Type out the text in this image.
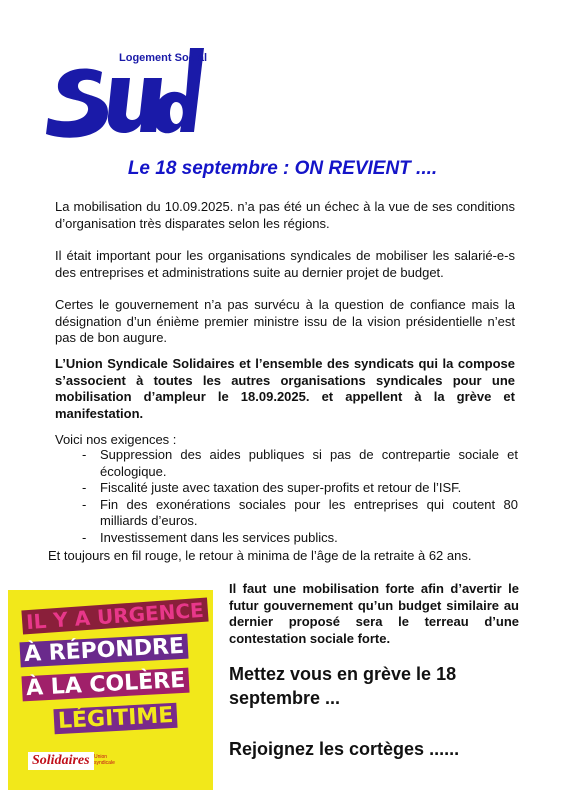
Logement Social
Le 18 septembre : ON REVIENT ....

La mobilisation du 10.09.2025. n’a pas été un échec à la vue de ses conditions d’organisation très disparates selon les régions.

Il était important pour les organisations syndicales de mobiliser les salarié-e-s des entreprises et administrations suite au dernier projet de budget.

Certes le gouvernement n’a pas survécu à la question de confiance mais la désignation d’un énième premier ministre issu de la vision présidentielle n’est pas de bon augure.

L’Union Syndicale Solidaires et l’ensemble des syndicats qui la compose s’associent à toutes les autres organisations syndicales pour une mobilisation d’ampleur le 18.09.2025. et appellent à la grève et manifestation.

Voici nos exigences :

- Suppression des aides publiques si pas de contrepartie sociale et écologique.
- Fiscalité juste avec taxation des super-profits et retour de l’ISF.
- Fin des exonérations sociales pour les entreprises qui coutent 80 milliards d’euros.
- Investissement dans les services publics.

Et toujours en fil rouge, le retour à minima de l’âge de la retraite à 62 ans.

IL Y A URGENCE
À RÉPONDRE
À LA COLÈRE
LÉGITIME
Solidaires Union syndicale

Il faut une mobilisation forte afin d’avertir le futur gouvernement qu’un budget similaire au dernier proposé sera le terreau d’une contestation sociale forte.

Mettez vous en grève le 18 septembre ...

Rejoignez les cortèges ......
